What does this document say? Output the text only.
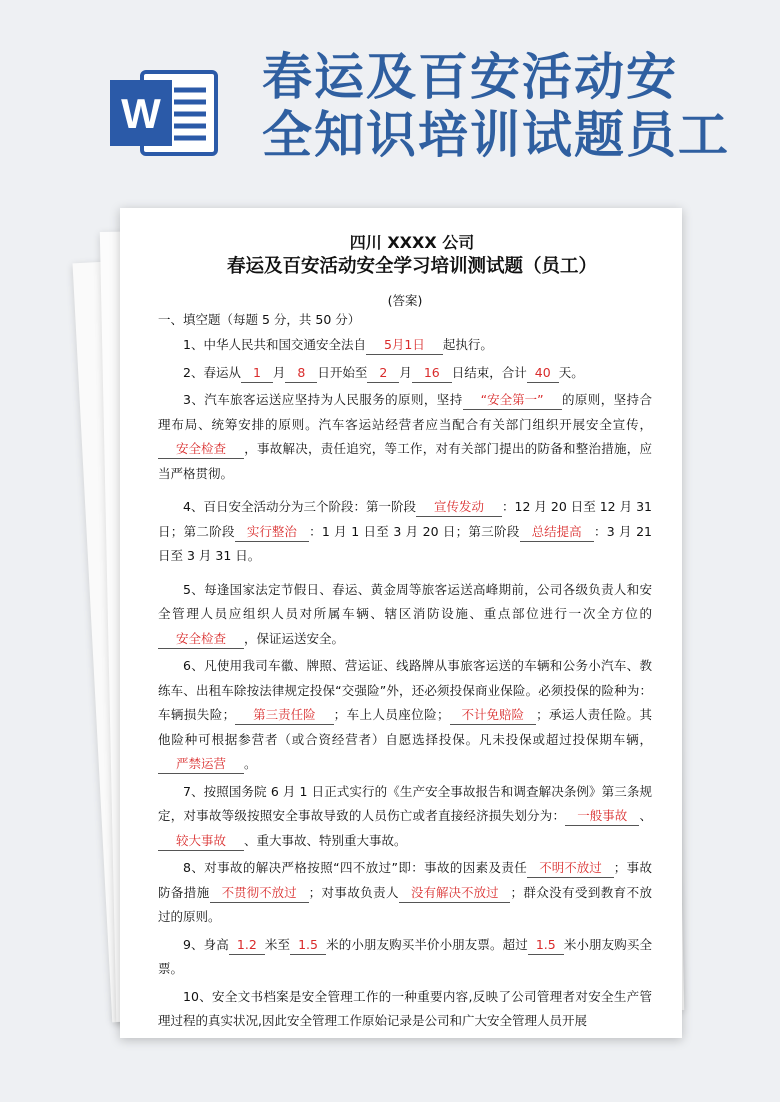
W
春运及百安活动安
全知识培训试题员工
四川 XXXX 公司
春运及百安活动安全学习培训测试题（员工）
(答案)
一、填空题（每题 5 分，共 50 分）

1、中华人民共和国交通安全法自 5月1日 起执行。

2、春运从 1 月 8 日开始至 2 月 16 日结束，合计 40 天。

3、汽车旅客运送应坚持为人民服务的原则，坚持 “安全第一” 的原则，坚持合理布局、统筹安排的原则。汽车客运站经营者应当配合有关部门组织开展安全宣传，安全检查 ，事故解决，责任追究，等工作，对有关部门提出的防备和整治措施，应当严格贯彻。

4、百日安全活动分为三个阶段：第一阶段 宣传发动 ：12 月 20 日至 12 月 31 日；第二阶段 实行整治 ：1 月 1 日至 3 月 20 日；第三阶段 总结提高 ：3 月 21 日至 3 月 31 日。

5、每逢国家法定节假日、春运、黄金周等旅客运送高峰期前，公司各级负责人和安全管理人员应组织人员对所属车辆、辖区消防设施、重点部位进行一次全方位的安全检查 ，保证运送安全。

6、凡使用我司车徽、牌照、营运证、线路牌从事旅客运送的车辆和公务小汽车、教练车、出租车除按法律规定投保“交强险”外，还必须投保商业保险。必须投保的险种为：车辆损失险； 第三责任险 ；车上人员座位险； 不计免赔险 ；承运人责任险。其他险种可根据参营者（或合资经营者）自愿选择投保。凡未投保或超过投保期车辆，严禁运营 。

7、按照国务院 6 月 1 日正式实行的《生产安全事故报告和调查解决条例》第三条规定，对事故等级按照安全事故导致的人员伤亡或者直接经济损失划分为： 一般事故 、较大事故 、重大事故、特别重大事故。

8、对事故的解决严格按照“四不放过”即：事故的因素及责任 不明不放过 ；事故防备措施 不贯彻不放过 ；对事故负责人 没有解决不放过 ；群众没有受到教育不放过的原则。

9、身高 1.2 米至 1.5 米的小朋友购买半价小朋友票。超过 1.5 米小朋友购买全票。

10、安全文书档案是安全管理工作的一种重要内容,反映了公司管理者对安全生产管理过程的真实状况,因此安全管理工作原始记录是公司和广大安全管理人员开展
